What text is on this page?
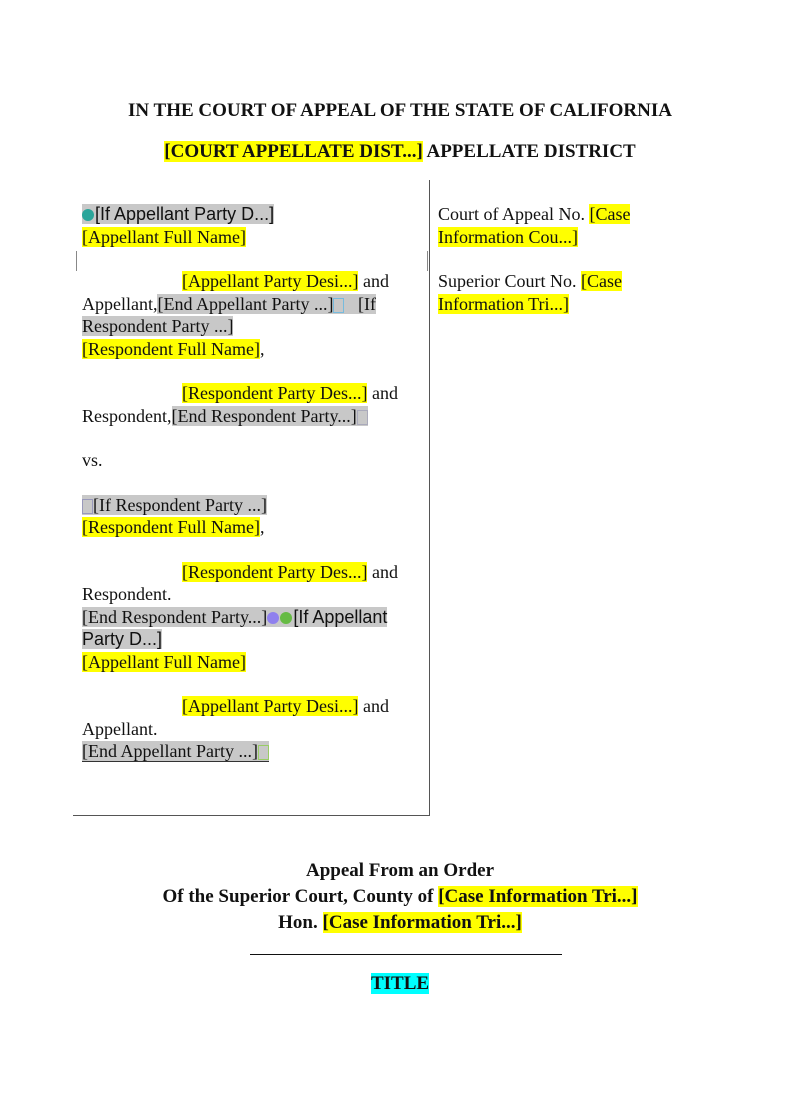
IN THE COURT OF APPEAL OF THE STATE OF CALIFORNIA
[COURT APPELLATE DIST...] APPELLATE DISTRICT

[If Appellant Party D...]

[Appellant Full Name]

[Appellant Party Desi...] and

Appellant,[End Appellant Party ...] [If Respondent Party ...]

[Respondent Full Name],

[Respondent Party Des...] and

Respondent,[End Respondent Party...]

vs.

[If Respondent Party ...]

[Respondent Full Name],

[Respondent Party Des...] and

Respondent.

[End Respondent Party...] [If Appellant Party D...]

[Appellant Full Name]

[Appellant Party Desi...] and

Appellant.

[End Appellant Party ...]

Court of Appeal No. [Case Information Cou...]

Superior Court No. [Case Information Tri...]

Appeal From an Order
Of the Superior Court, County of [Case Information Tri...]
Hon. [Case Information Tri...]
TITLE
